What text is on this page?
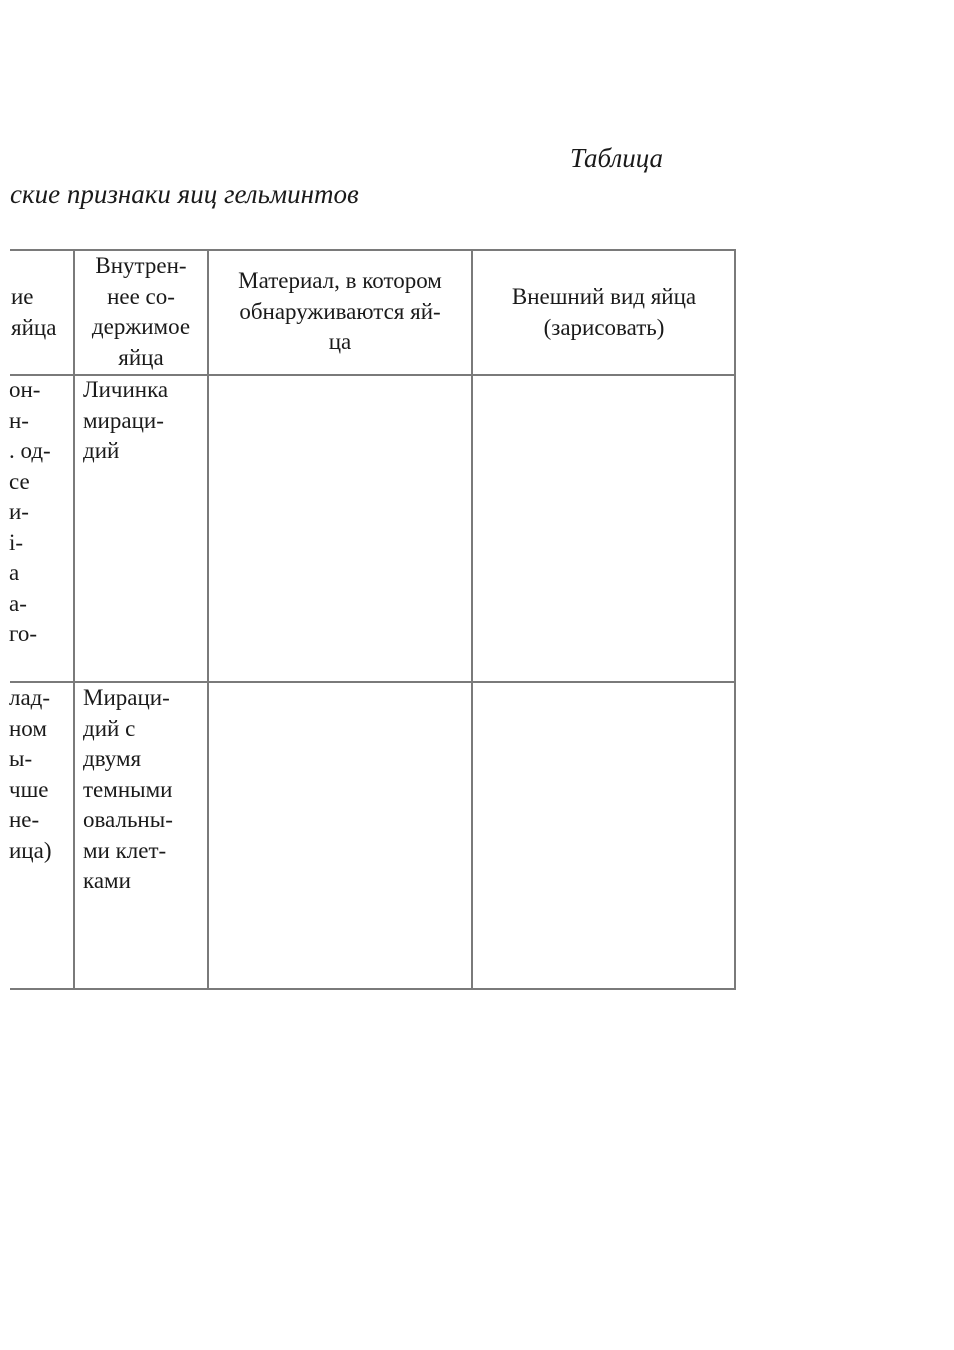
Таблица
ские признаки яиц гельминтов
ие
яйца
Внутрен-
нее со-
держимое
яйца
Материал, в котором
обнаруживаются яй-
ца
Внешний вид яйца
(зарисовать)
он-
н-
. од-
се
и-
і-
а
а-
го-
Личинка
мираци-
дий
лад-
ном
ы-
чше
не-
ица)
Мираци-
дий с
двумя
темными
овальны-
ми клет-
ками
